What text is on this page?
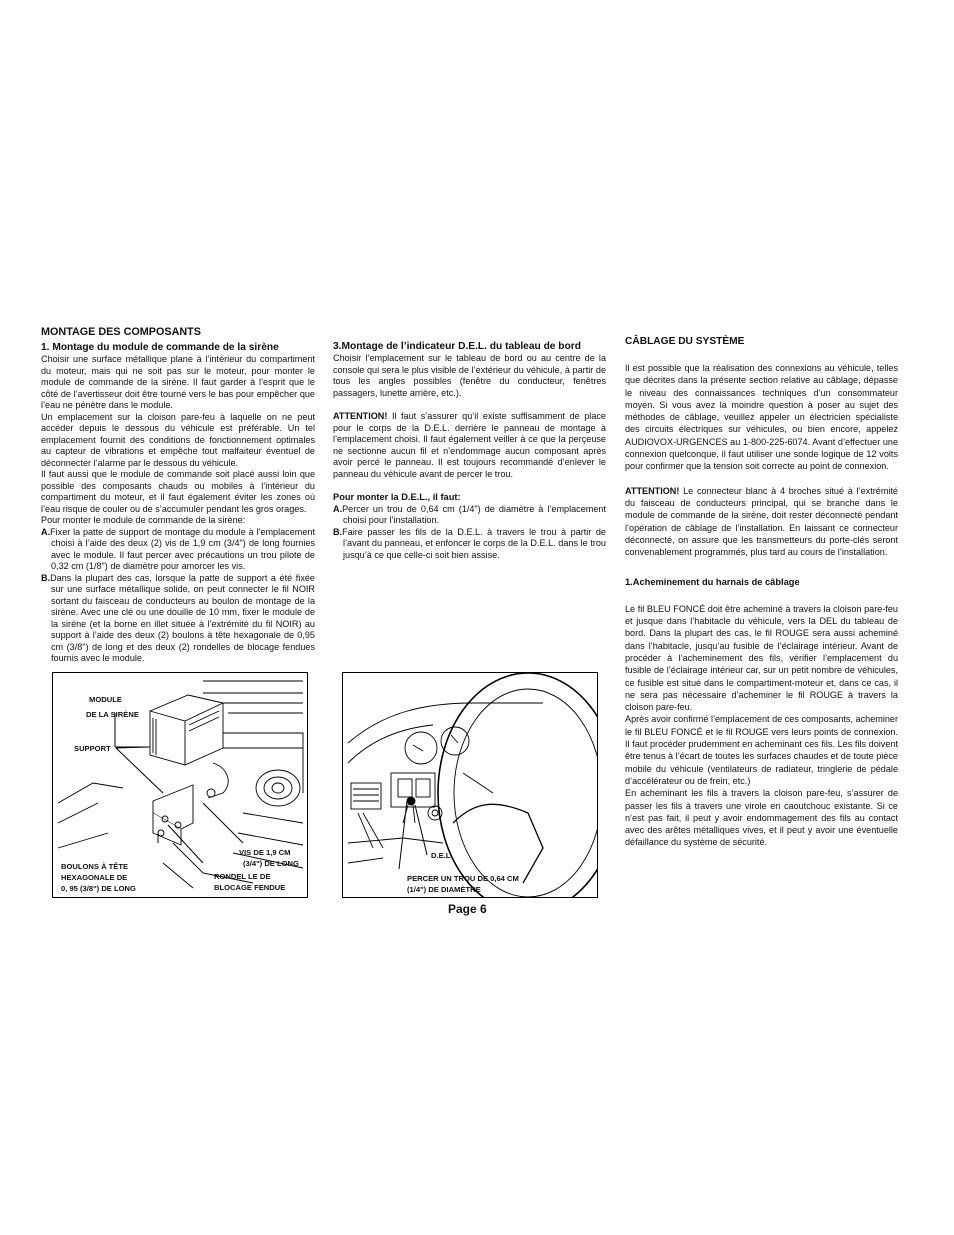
MONTAGE DES COMPOSANTS
1. Montage du module de commande de la sirène

Choisir une surface métallique plane à l’intérieur du compartiment du moteur, mais qui ne soit pas sur le moteur, pour monter le module de commande de la sirène. Il faut garder à l’esprit que le côté de l’avertisseur doit être tourné vers le bas pour empêcher que l’eau ne pénètre dans le module.

Un emplacement sur la cloison pare-feu à laquelle on ne peut accéder depuis le dessous du véhicule est préférable. Un tel emplacement fournit des conditions de fonctionnement optimales au capteur de vibrations et empêche tout malfaiteur éventuel de déconnecter l’alarme par le dessous du véhicule.

Il faut aussi que le module de commande soit placé aussi loin que possible des composants chauds ou mobiles à l’intérieur du compartiment du moteur, et il faut également éviter les zones où l’eau risque de couler ou de s’accumuler pendant les gros orages.

Pour monter le module de commande de la sirène:

A.Fixer la patte de support de montage du module à l’emplacement choisi à l’aide des deux (2) vis de 1,9 cm (3/4") de long fournies avec le module. Il faut percer avec précautions un trou pilote de 0,32 cm (1/8") de diamètre pour amorcer les vis.

B.Dans la plupart des cas, lorsque la patte de support a été fixée sur une surface métallique solide, on peut connecter le fil NOIR sortant du faisceau de conducteurs au boulon de montage de la sirène. Avec une clé ou une douille de 10 mm, fixer le module de la sirène (et la borne en illet située à l’extrémité du fil NOIR) au support à l’aide des deux (2) boulons à tête hexagonale de 0,95 cm (3/8") de long et des deux (2) rondelles de blocage fendues fournis avec le module.

3.Montage de l’indicateur D.E.L. du tableau de bord

Choisir l’emplacement sur le tableau de bord ou au centre de la console qui sera le plus visible de l’extérieur du véhicule, à partir de tous les angles possibles (fenêtre du conducteur, fenêtres passagers, lunette arrière, etc.).

ATTENTION! Il faut s’assurer qu’il existe suffisamment de place pour le corps de la D.E.L. derrière le panneau de montage à l’emplacement choisi. Il faut également veiller à ce que la perçeuse ne sectionne aucun fil et n’endommage aucun composant après avoir percé le panneau. Il est toujours recommandé d’enlever le panneau du véhicule avant de percer le trou.

Pour monter la D.E.L., il faut:

A.Percer un trou de 0,64 cm (1/4") de diamètre à l’emplacement choisi pour l’installation.

B.Faire passer les fils de la D.E.L. à travers le trou à partir de l’avant du panneau, et enfoncer le corps de la D.E.L. dans le trou jusqu’à ce que celle-ci soit bien assise.

CÂBLAGE DU SYSTÈME

Il est possible que la réalisation des connexions au véhicule, telles que décrites dans la présente section relative au câblage, dépasse le niveau des connaissances techniques d’un consommateur moyen. Si vous avez la moindre question à poser au sujet des méthodes de câblage, veuillez appeler un électricien spécialiste des circuits électriques sur véhicules, ou bien encore, appelez AUDIOVOX-URGENCES au 1-800-225-6074. Avant d’effectuer une connexion quelconque, il faut utiliser une sonde logique de 12 volts pour confirmer que la tension soit correcte au point de connexion.

ATTENTION! Le connecteur blanc à 4 broches situé à l’extrémité du faisceau de conducteurs principal, qui se branche dans le module de commande de la sirène, doit rester déconnecté pendant l’opération de câblage de l’installation. En laissant ce connecteur déconnecté, on assure que les transmetteurs du porte-clés seront convenablement programmés, plus tard au cours de l’installation.

1.Acheminement du harnais de câblage

Le fil BLEU FONCÉ doit être acheminé à travers la cloison pare-feu et jusque dans l’habitacle du véhicule, vers la DEL du tableau de bord. Dans la plupart des cas, le fil ROUGE sera aussi acheminé dans l’habitacle, jusqu’au fusible de l’éclairage intérieur. Avant de procéder à l’acheminement des fils, vérifier l’emplacement du fusible de l’éclairage intérieur car, sur un petit nombre de véhicules, ce fusible est situé dans le compartiment-moteur et, dans ce cas, il ne sera pas nécessaire d’acheminer le fil ROUGE à travers la cloison pare-feu.

Après avoir confirmé l’emplacement de ces composants, acheminer le fil BLEU FONCÉ et le fil ROUGE vers leurs points de connexion. Il faut procéder prudemment en acheminant ces fils. Les fils doivent être tenus à l’écart de toutes les surfaces chaudes et de toute pièce mobile du véhicule (ventilateurs de radiateur, tringlerie de pédale d’accélérateur ou de frein, etc.)

En acheminant les fils à travers la cloison pare-feu, s’assurer de passer les fils à travers une virole en caoutchouc existante. Si ce n’est pas fait, il peut y avoir endommagement des fils au contact avec des arêtes métalliques vives, et il peut y avoir une éventuelle défaillance du système de sécurité.

MODULE
DE LA SIRÈNE
SUPPORT
VIS DE 1,9 CM
(3/4") DE LONG
BOULONS À TÊTE
HEXAGONALE DE
0, 95 (3/8") DE LONG
RONDEL LE DE
BLOCAGE FENDUE
D.E.L.
PERCER UN TROU DE 0,64 CM
(1/4") DE DIAMÈTRE
Page 6
